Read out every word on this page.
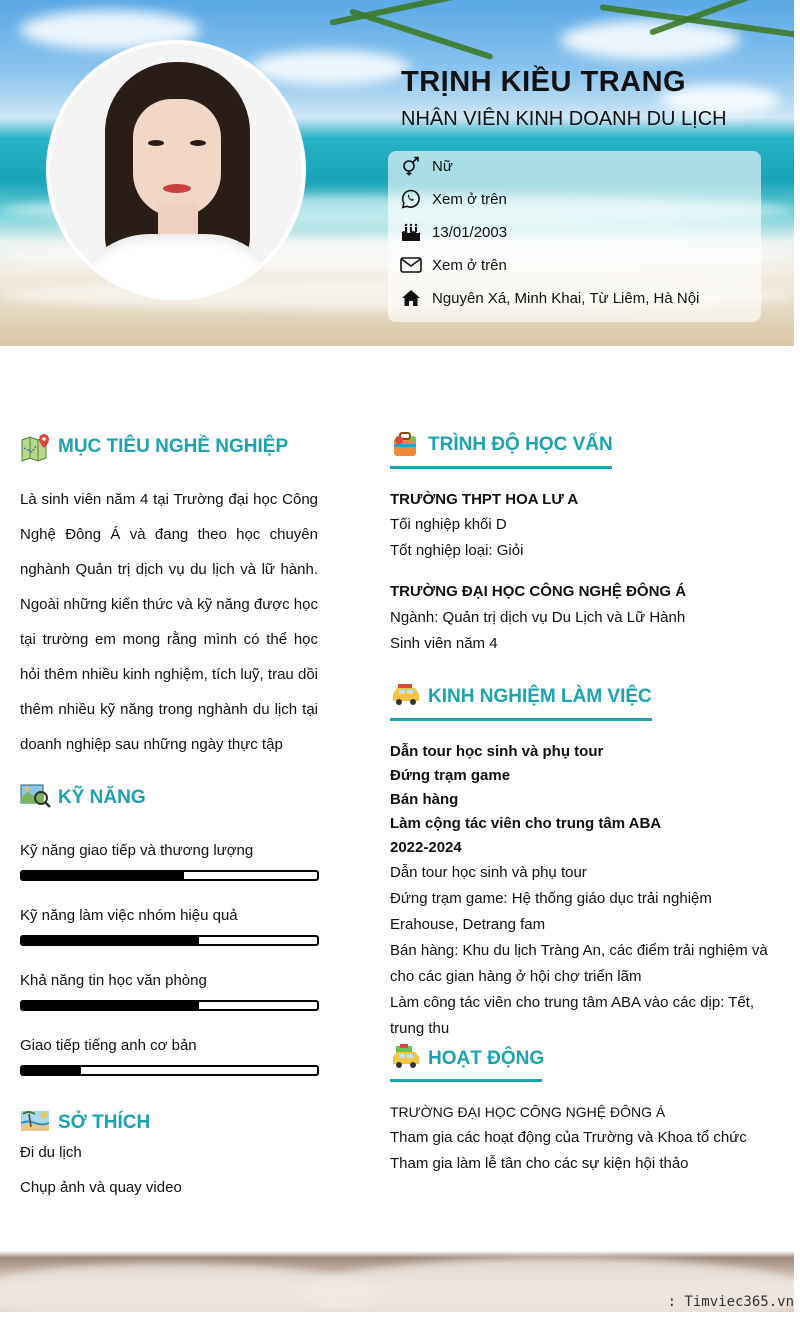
TRỊNH KIỀU TRANG
NHÂN VIÊN KINH DOANH DU LỊCH
Nữ
Xem ở trên
13/01/2003
Xem ở trên
Nguyên Xá, Minh Khai, Từ Liêm, Hà Nội
MỤC TIÊU NGHỀ NGHIỆP
Là sinh viên năm 4 tại Trường đại học Công Nghệ Đông Á và đang theo học chuyên nghành Quản trị dịch vụ du lịch và lữ hành. Ngoài những kiến thức và kỹ năng được học tại trường em mong rằng mình có thể học hỏi thêm nhiều kinh nghiệm, tích luỹ, trau dồi thêm nhiều kỹ năng trong nghành du lịch tại doanh nghiệp sau những ngày thực tập
KỸ NĂNG
Kỹ năng giao tiếp và thương lượng
Kỹ năng làm việc nhóm hiệu quả
Khả năng tin học văn phòng
Giao tiếp tiếng anh cơ bản
SỞ THÍCH
Đi du lịch
Chụp ảnh và quay video
TRÌNH ĐỘ HỌC VẤN
TRƯỜNG THPT HOA LƯ A
Tối nghiệp khối D
Tốt nghiệp loại: Giỏi
TRƯỜNG ĐẠI HỌC CÔNG NGHỆ ĐÔNG Á
Ngành: Quản trị dịch vụ Du Lịch và Lữ Hành
Sinh viên năm 4
KINH NGHIỆM LÀM VIỆC
Dẫn tour học sinh và phụ tour
Đứng trạm game
Bán hàng
Làm cộng tác viên cho trung tâm ABA
2022-2024
Dẫn tour học sinh và phụ tour
Đứng trạm game: Hệ thống giáo dục trải nghiệm
Erahouse, Detrang fam
Bán hàng: Khu du lịch Tràng An, các điểm trải nghiệm và
cho các gian hàng ở hội chợ triển lãm
Làm công tác viên cho trung tâm ABA vào các dịp: Tết,
trung thu
HOẠT ĐỘNG
TRƯỜNG ĐẠI HỌC CÔNG NGHỆ ĐÔNG Á
Tham gia các hoạt động của Trường và Khoa tổ chức
Tham gia làm lễ tân cho các sự kiện hội thảo
: Timviec365.vn
